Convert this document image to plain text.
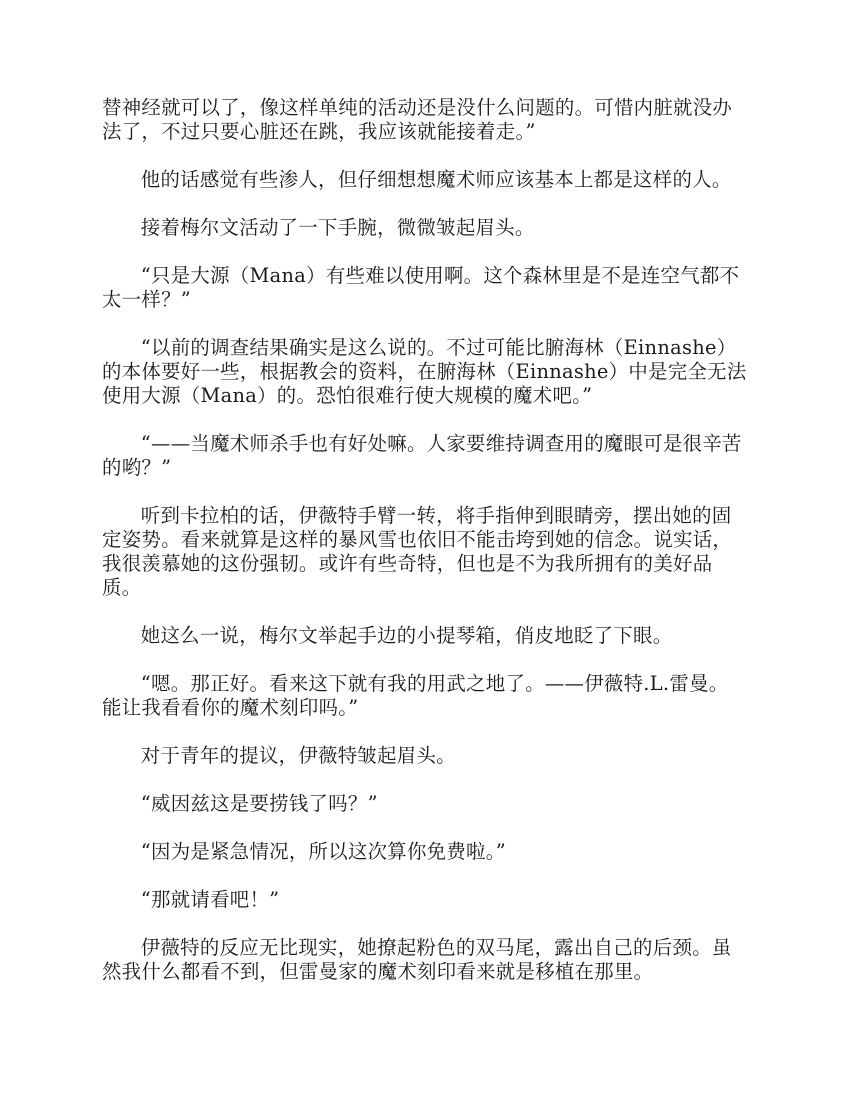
替神经就可以了，像这样单纯的活动还是没什么问题的。可惜内脏就没办法了，不过只要心脏还在跳，我应该就能接着走。”

他的话感觉有些渗人，但仔细想想魔术师应该基本上都是这样的人。

接着梅尔文活动了一下手腕，微微皱起眉头。

“只是大源（Mana）有些难以使用啊。这个森林里是不是连空气都不太一样？”

“以前的调查结果确实是这么说的。不过可能比腑海林（Einnashe）的本体要好一些，根据教会的资料，在腑海林（Einnashe）中是完全无法使用大源（Mana）的。恐怕很难行使大规模的魔术吧。”

“——当魔术师杀手也有好处嘛。人家要维持调查用的魔眼可是很辛苦的哟？”

听到卡拉柏的话，伊薇特手臂一转，将手指伸到眼睛旁，摆出她的固定姿势。看来就算是这样的暴风雪也依旧不能击垮到她的信念。说实话，我很羡慕她的这份强韧。或许有些奇特，但也是不为我所拥有的美好品质。

她这么一说，梅尔文举起手边的小提琴箱，俏皮地眨了下眼。

“嗯。那正好。看来这下就有我的用武之地了。——伊薇特.L.雷曼。能让我看看你的魔术刻印吗。”

对于青年的提议，伊薇特皱起眉头。

“威因兹这是要捞钱了吗？”

“因为是紧急情况，所以这次算你免费啦。”

“那就请看吧！”

伊薇特的反应无比现实，她撩起粉色的双马尾，露出自己的后颈。虽然我什么都看不到，但雷曼家的魔术刻印看来就是移植在那里。
